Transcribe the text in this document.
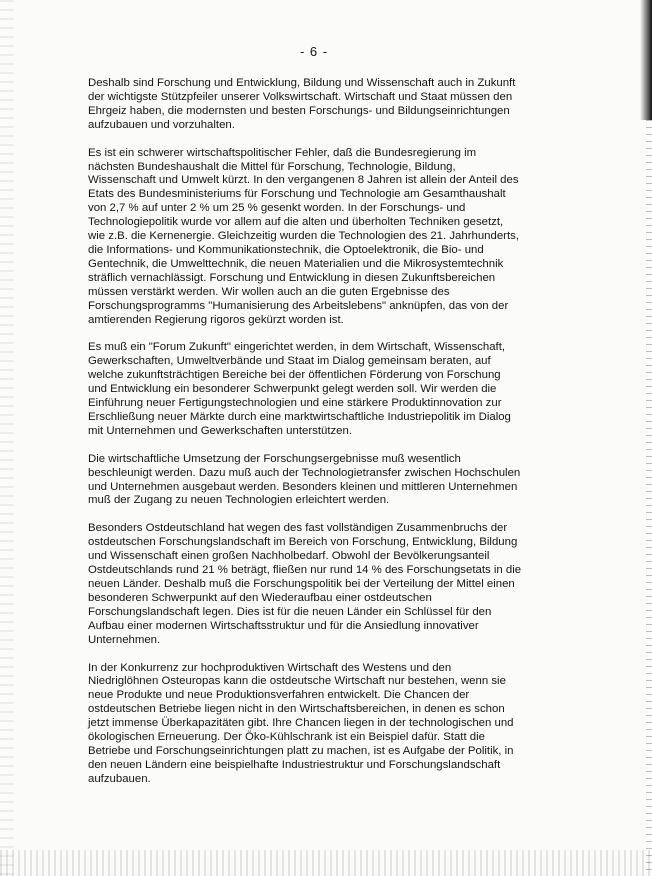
- 6 -

Deshalb sind Forschung und Entwicklung, Bildung und Wissenschaft auch in Zukunft
der wichtigste Stützpfeiler unserer Volkswirtschaft. Wirtschaft und Staat müssen den
Ehrgeiz haben, die modernsten und besten Forschungs- und Bildungseinrichtungen
aufzubauen und vorzuhalten.

Es ist ein schwerer wirtschaftspolitischer Fehler, daß die Bundesregierung im
nächsten Bundeshaushalt die Mittel für Forschung, Technologie, Bildung,
Wissenschaft und Umwelt kürzt. In den vergangenen 8 Jahren ist allein der Anteil des
Etats des Bundesministeriums für Forschung und Technologie am Gesamthaushalt
von 2,7 % auf unter 2 % um 25 % gesenkt worden. In der Forschungs- und
Technologiepolitik wurde vor allem auf die alten und überholten Techniken gesetzt,
wie z.B. die Kernenergie. Gleichzeitig wurden die Technologien des 21. Jahrhunderts,
die Informations- und Kommunikationstechnik, die Optoelektronik, die Bio- und
Gentechnik, die Umwelttechnik, die neuen Materialien und die Mikrosystemtechnik
sträflich vernachlässigt. Forschung und Entwicklung in diesen Zukunftsbereichen
müssen verstärkt werden. Wir wollen auch an die guten Ergebnisse des
Forschungsprogramms "Humanisierung des Arbeitslebens" anknüpfen, das von der
amtierenden Regierung rigoros gekürzt worden ist.

Es muß ein "Forum Zukunft" eingerichtet werden, in dem Wirtschaft, Wissenschaft,
Gewerkschaften, Umweltverbände und Staat im Dialog gemeinsam beraten, auf
welche zukunftsträchtigen Bereiche bei der öffentlichen Förderung von Forschung
und Entwicklung ein besonderer Schwerpunkt gelegt werden soll. Wir werden die
Einführung neuer Fertigungstechnologien und eine stärkere Produktinnovation zur
Erschließung neuer Märkte durch eine marktwirtschaftliche Industriepolitik im Dialog
mit Unternehmen und Gewerkschaften unterstützen.

Die wirtschaftliche Umsetzung der Forschungsergebnisse muß wesentlich
beschleunigt werden. Dazu muß auch der Technologietransfer zwischen Hochschulen
und Unternehmen ausgebaut werden. Besonders kleinen und mittleren Unternehmen
muß der Zugang zu neuen Technologien erleichtert werden.

Besonders Ostdeutschland hat wegen des fast vollständigen Zusammenbruchs der
ostdeutschen Forschungslandschaft im Bereich von Forschung, Entwicklung, Bildung
und Wissenschaft einen großen Nachholbedarf. Obwohl der Bevölkerungsanteil
Ostdeutschlands rund 21 % beträgt, fließen nur rund 14 % des Forschungsetats in die
neuen Länder. Deshalb muß die Forschungspolitik bei der Verteilung der Mittel einen
besonderen Schwerpunkt auf den Wiederaufbau einer ostdeutschen
Forschungslandschaft legen. Dies ist für die neuen Länder ein Schlüssel für den
Aufbau einer modernen Wirtschaftsstruktur und für die Ansiedlung innovativer
Unternehmen.

In der Konkurrenz zur hochproduktiven Wirtschaft des Westens und den
Niedriglöhnen Osteuropas kann die ostdeutsche Wirtschaft nur bestehen, wenn sie
neue Produkte und neue Produktionsverfahren entwickelt. Die Chancen der
ostdeutschen Betriebe liegen nicht in den Wirtschaftsbereichen, in denen es schon
jetzt immense Überkapazitäten gibt. Ihre Chancen liegen in der technologischen und
ökologischen Erneuerung. Der Öko-Kühlschrank ist ein Beispiel dafür. Statt die
Betriebe und Forschungseinrichtungen platt zu machen, ist es Aufgabe der Politik, in
den neuen Ländern eine beispielhafte Industriestruktur und Forschungslandschaft
aufzubauen.
